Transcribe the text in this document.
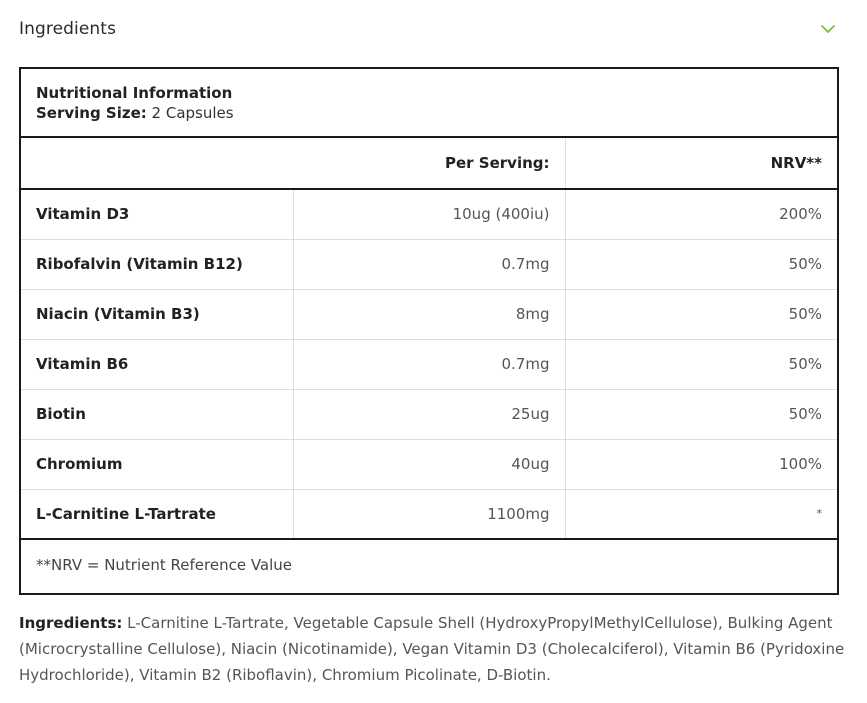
Ingredients
Nutritional Information
Serving Size: 2 Capsules
	Per Serving:	NRV**
Vitamin D3	10ug (400iu)	200%
Ribofalvin (Vitamin B12)	0.7mg	50%
Niacin (Vitamin B3)	8mg	50%
Vitamin B6	0.7mg	50%
Biotin	25ug	50%
Chromium	40ug	100%
L-Carnitine L-Tartrate	1100mg	*
**NRV = Nutrient Reference Value
Ingredients: L-Carnitine L-Tartrate, Vegetable Capsule Shell (HydroxyPropylMethylCellulose), Bulking Agent (Microcrystalline Cellulose), Niacin (Nicotinamide), Vegan Vitamin D3 (Cholecalciferol), Vitamin B6 (Pyridoxine Hydrochloride), Vitamin B2 (Riboflavin), Chromium Picolinate, D-Biotin.
